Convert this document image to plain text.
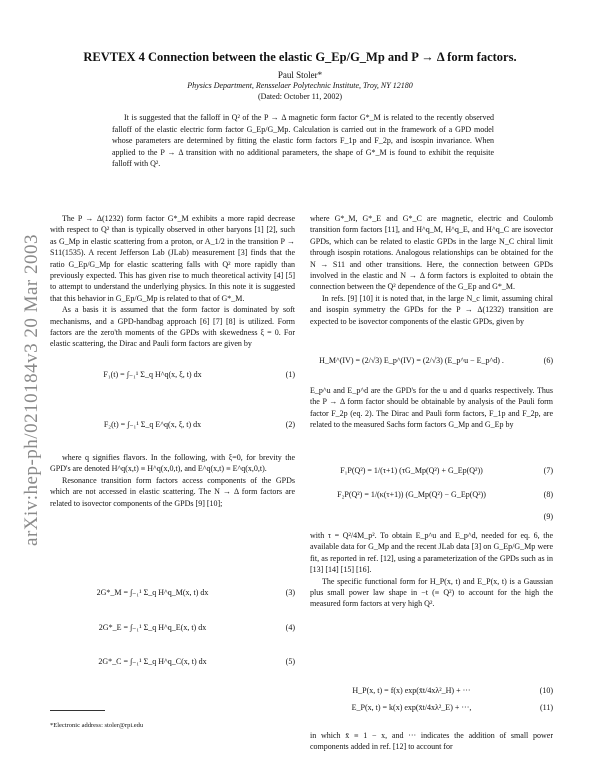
arXiv:hep-ph/0210184v3 20 Mar 2003
REVTEX 4 Connection between the elastic G_Ep/G_Mp and P → Δ form factors.
Paul Stoler*
Physics Department, Rensselaer Polytechnic Institute, Troy, NY 12180
(Dated: October 11, 2002)
It is suggested that the falloff in Q² of the P → Δ magnetic form factor G*_M is related to the recently observed falloff of the elastic electric form factor G_Ep/G_Mp. Calculation is carried out in the framework of a GPD model whose parameters are determined by fitting the elastic form factors F_1p and F_2p, and isospin invariance. When applied to the P → Δ transition with no additional parameters, the shape of G*_M is found to exhibit the requisite falloff with Q².

The P → Δ(1232) form factor G*_M exhibits a more rapid decrease with respect to Q² than is typically observed in other baryons [1] [2], such as G_Mp in elastic scattering from a proton, or A_1/2 in the transition P → S11(1535). A recent Jefferson Lab (JLab) measurement [3] finds that the ratio G_Ep/G_Mp for elastic scattering falls with Q² more rapidly than previously expected. This has given rise to much theoretical activity [4] [5] to attempt to understand the underlying physics. In this note it is suggested that this behavior in G_Ep/G_Mp is related to that of G*_M.

As a basis it is assumed that the form factor is dominated by soft mechanisms, and a GPD-handbag approach [6] [7] [8] is utilized. Form factors are the zero'th moments of the GPDs with skewedness ξ = 0. For elastic scattering, the Dirac and Pauli form factors are given by

F₁(t) = ∫₋₁¹ Σ_q H^q(x, ξ, t) dx	(1)
F₂(t) = ∫₋₁¹ Σ_q E^q(x, ξ, t) dx	(2)

where q signifies flavors. In the following, with ξ=0, for brevity the GPD's are denoted H^q(x,t) ≡ H^q(x,0,t), and E^q(x,t) ≡ E^q(x,0,t).

Resonance transition form factors access components of the GPDs which are not accessed in elastic scattering. The N → Δ form factors are related to isovector components of the GPDs [9] [10];

2G*_M = ∫₋₁¹ Σ_q H^q_M(x, t) dx	(3)
2G*_E = ∫₋₁¹ Σ_q H^q_E(x, t) dx	(4)
2G*_C = ∫₋₁¹ Σ_q H^q_C(x, t) dx	(5)
*Electronic address: stoler@rpi.edu

where G*_M, G*_E and G*_C are magnetic, electric and Coulomb transition form factors [11], and H^q_M, H^q_E, and H^q_C are isovector GPDs, which can be related to elastic GPDs in the large N_C chiral limit through isospin rotations. Analogous relationships can be obtained for the N → S11 and other transitions. Here, the connection between GPDs involved in the elastic and N → Δ form factors is exploited to obtain the connection between the Q² dependence of the G_Ep and G*_M.

In refs. [9] [10] it is noted that, in the large N_c limit, assuming chiral and isospin symmetry the GPDs for the P → Δ(1232) transition are expected to be isovector components of the elastic GPDs, given by

H_M^(IV) = (2/√3) E_p^(IV) = (2/√3) (E_p^u − E_p^d) .	(6)

E_p^u and E_p^d are the GPD's for the u and d quarks respectively. Thus the P → Δ form factor should be obtainable by analysis of the Pauli form factor F_2p (eq. 2). The Dirac and Pauli form factors, F_1p and F_2p, are related to the measured Sachs form factors G_Mp and G_Ep by

F₁P(Q²) = 1/(τ+1) (τG_Mp(Q²) + G_Ep(Q²))	(7)
F₂P(Q²) = 1/(κ(τ+1)) (G_Mp(Q²) − G_Ep(Q²))	(8)
(9)

with τ = Q²/4M_p². To obtain E_p^u and E_p^d, needed for eq. 6, the available data for G_Mp and the recent JLab data [3] on G_Ep/G_Mp were fit, as reported in ref. [12], using a parameterization of the GPDs such as in [13] [14] [15] [16].

The specific functional form for H_P(x, t) and E_P(x, t) is a Gaussian plus small power law shape in −t (≡ Q²) to account for the high the measured form factors at very high Q².

H_P(x, t) = f(x) exp(x̄t/4xλ²_H) + ···	(10)
E_P(x, t) = k(x) exp(x̄t/4xλ²_E) + ···,	(11)

in which x̄ ≡ 1 − x, and ··· indicates the addition of small power components added in ref. [12] to account for
